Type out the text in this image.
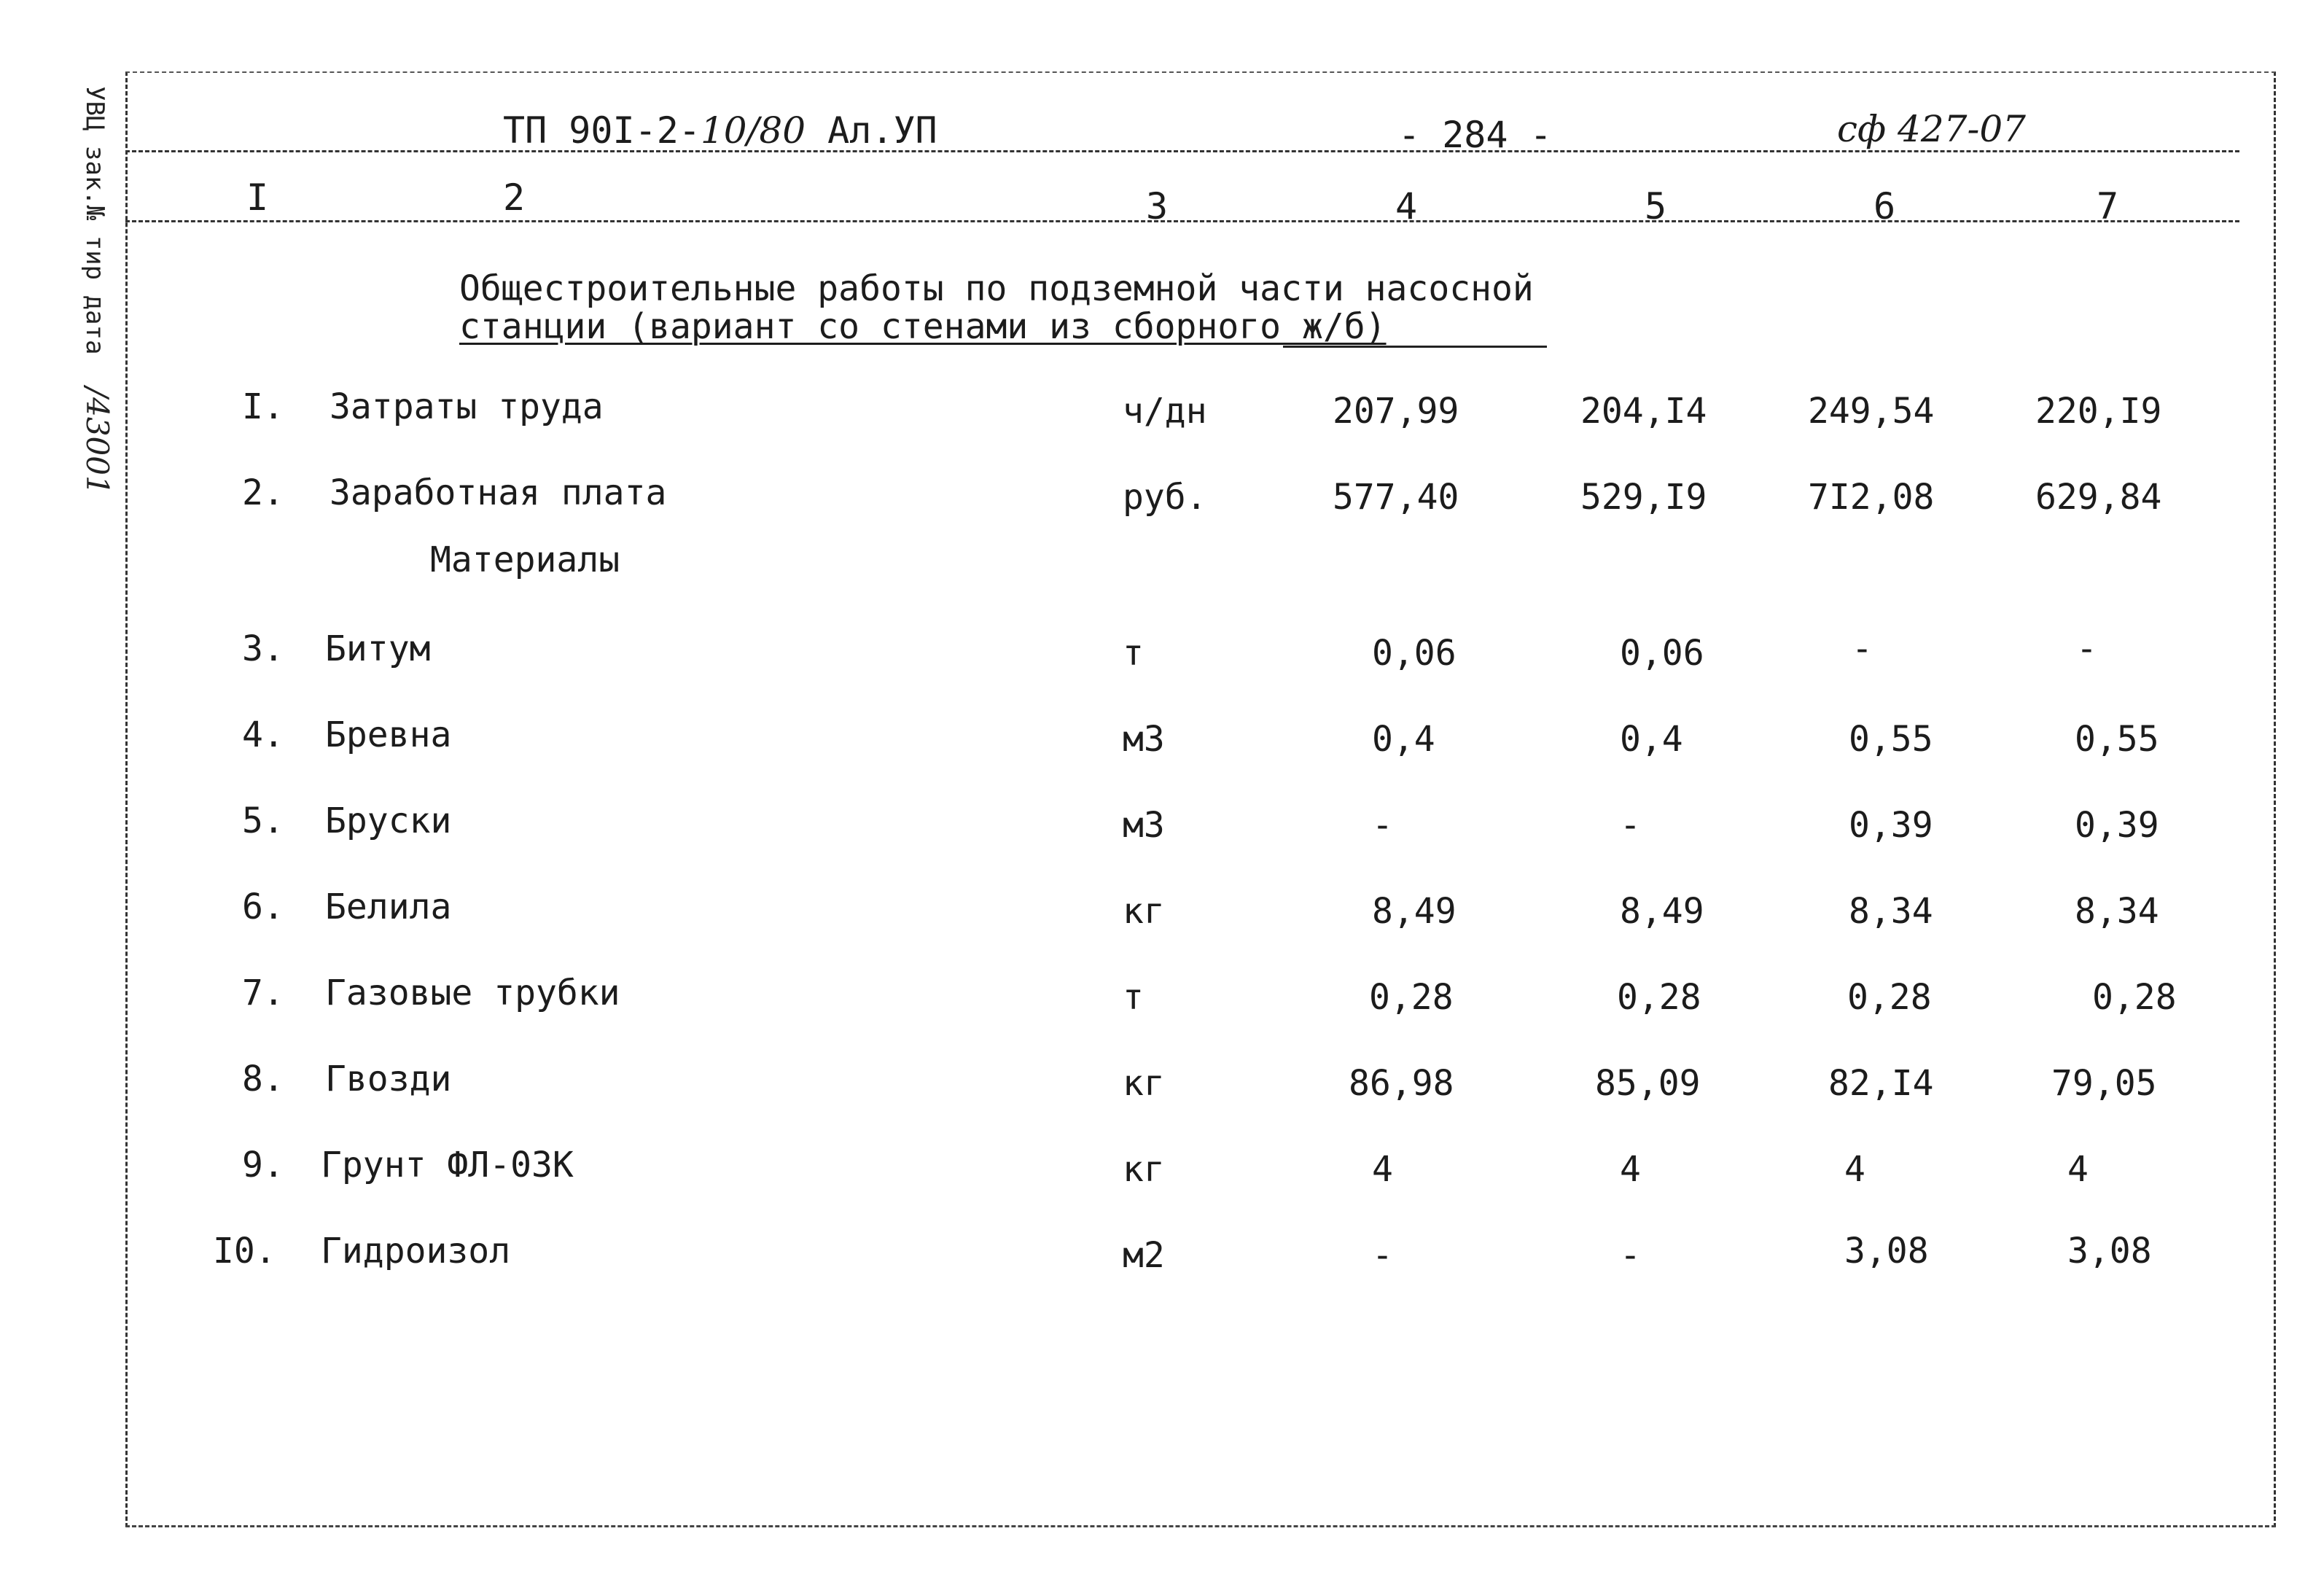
УВЦ зак.№ тир дата /43001
ТП 90I-2-10/80 Ал.УП	- 284 -	сф 427-07
I	2	3	4	5	6	7
Общестроительные работы по подземной части насосной
станции (вариант со стенами из сборного ж/б)
Материалы
I. Затраты труда	ч/дн	207,99	204,I4	249,54	220,I9
2. Заработная плата	руб.	577,40	529,I9	7I2,08	629,84
3. Битум	т	0,06	0,06	-	-
4. Бревна	м3	0,4	0,4	0,55	0,55
5. Бруски	м3	-	-	0,39	0,39
6. Белила	кг	8,49	8,49	8,34	8,34
7. Газовые трубки	т	0,28	0,28	0,28	0,28
8. Гвозди	кг	86,98	85,09	82,I4	79,05
9. Грунт ФЛ-03К	кг	4	4	4	4
I0. Гидроизол	м2	-	-	3,08	3,08
